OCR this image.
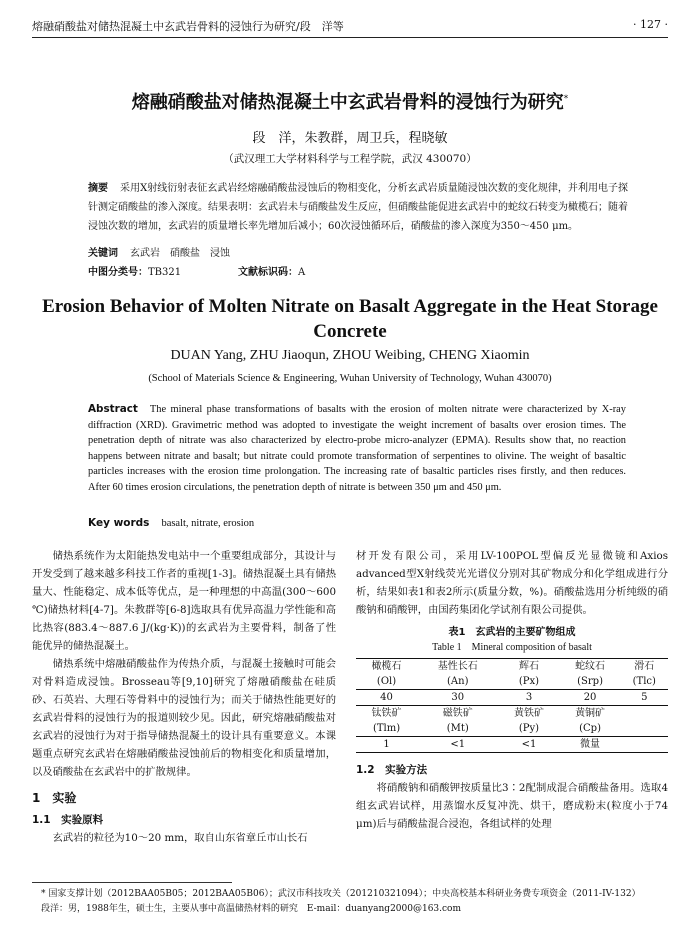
熔融硝酸盐对储热混凝土中玄武岩骨料的浸蚀行为研究/段　洋等	· 127 ·
熔融硝酸盐对储热混凝土中玄武岩骨料的浸蚀行为研究*
段　洋，朱教群，周卫兵，程晓敏
（武汉理工大学材料科学与工程学院，武汉 430070）
摘要 采用X射线衍射表征玄武岩经熔融硝酸盐浸蚀后的物相变化，分析玄武岩质量随浸蚀次数的变化规律，并利用电子探针测定硝酸盐的渗入深度。结果表明：玄武岩未与硝酸盐发生反应，但硝酸盐能促进玄武岩中的蛇纹石转变为橄榄石；随着浸蚀次数的增加，玄武岩的质量增长率先增加后减小；60次浸蚀循环后，硝酸盐的渗入深度为350～450 μm。
关键词 玄武岩　硝酸盐　浸蚀
中图分类号：TB321	文献标识码：A
Erosion Behavior of Molten Nitrate on Basalt Aggregate in the Heat Storage Concrete
DUAN Yang, ZHU Jiaoqun, ZHOU Weibing, CHENG Xiaomin
(School of Materials Science & Engineering, Wuhan University of Technology, Wuhan 430070)
Abstract The mineral phase transformations of basalts with the erosion of molten nitrate were characterized by X-ray diffraction (XRD). Gravimetric method was adopted to investigate the weight increment of basalts over erosion times. The penetration depth of nitrate was also characterized by electro-probe micro-analyzer (EPMA). Results show that, no reaction happens between nitrate and basalt; but nitrate could promote transformation of serpentines to olivine. The weight of basaltic particles increases with the erosion time prolongation. The increasing rate of basaltic particles rises firstly, and then reduces. After 60 times erosion circulations, the penetration depth of nitrate is between 350 μm and 450 μm.
Key words basalt, nitrate, erosion

储热系统作为太阳能热发电站中一个重要组成部分，其设计与开发受到了越来越多科技工作者的重视[1-3]。储热混凝土具有储热量大、性能稳定、成本低等优点，是一种理想的中高温(300～600 ℃)储热材料[4-7]。朱教群等[6-8]选取具有优异高温力学性能和高比热容(883.4～887.6 J/(kg·K))的玄武岩为主要骨料，制备了性能优异的储热混凝土。

储热系统中熔融硝酸盐作为传热介质，与混凝土接触时可能会对骨料造成浸蚀。Brosseau等[9,10]研究了熔融硝酸盐在硅质砂、石英岩、大理石等骨料中的浸蚀行为；而关于储热性能更好的玄武岩骨料的浸蚀行为的报道则较少见。因此，研究熔融硝酸盐对玄武岩的浸蚀行为对于指导储热混凝土的设计具有重要意义。本课题重点研究玄武岩在熔融硝酸盐浸蚀前后的物相变化和质量增加，以及硝酸盐在玄武岩中的扩散规律。

1　实验
1.1　实验原料

玄武岩的粒径为10～20 mm，取自山东省章丘市山长石

材开发有限公司，采用LV-100POL型偏反光显微镜和Axios advanced型X射线荧光光谱仪分别对其矿物成分和化学组成进行分析，结果如表1和表2所示(质量分数，%)。硝酸盐选用分析纯级的硝酸钠和硝酸钾，由国药集团化学试剂有限公司提供。

表1　玄武岩的主要矿物组成
Table 1　Mineral composition of basalt
橄榄石	基性长石	辉石	蛇纹石	滑石
(Ol)	(An)	(Px)	(Srp)	(Tlc)
40	30	3	20	5
钛铁矿	磁铁矿	黄铁矿	黄铜矿	
(Tlm)	(Mt)	(Py)	(Cp)	
1	<1	<1	微量	
1.2　实验方法

将硝酸钠和硝酸钾按质量比3∶2配制成混合硝酸盐备用。选取4组玄武岩试样，用蒸馏水反复冲洗、烘干，磨成粉末(粒度小于74 μm)后与硝酸盐混合浸泡，各组试样的处理

* 国家支撑计划（2012BAA05B05；2012BAA05B06）；武汉市科技攻关（201210321094）；中央高校基本科研业务费专项资金（2011-IV-132）
段洋：男，1988年生，硕士生，主要从事中高温储热材料的研究　E-mail：duanyang2000@163.com
